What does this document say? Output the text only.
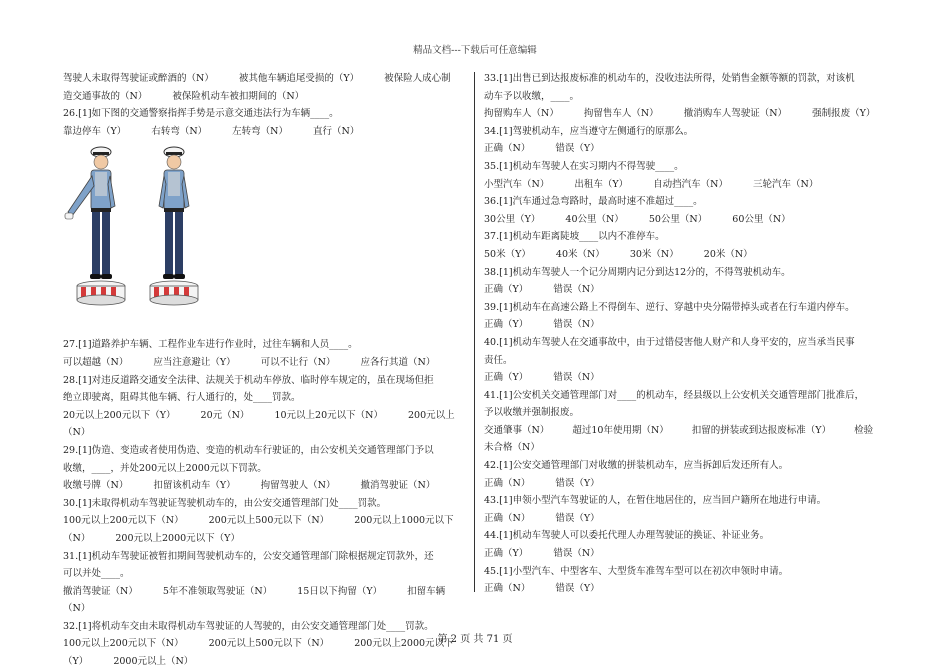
精品文档---下载后可任意编辑
驾驶人未取得驾驶证或醉酒的（N）	被其他车辆追尾受损的（Y）	被保险人成心制
造交通事故的（N）	被保险机动车被扣期间的（N）
26.[1]如下图的交通警察指挥手势是示意交通违法行为车辆____。
靠边停车（Y）	右转弯（N）	左转弯（N）	直行（N）
27.[1]道路养护车辆、工程作业车进行作业时，过往车辆和人员____。
可以超越（N）	应当注意避让（Y）	可以不让行（N）	应各行其道（N）
28.[1]对违反道路交通安全法律、法规关于机动车停放、临时停车规定的，虽在现场但拒
绝立即驶离，阻碍其他车辆、行人通行的，处____罚款。
20元以上200元以下（Y）	20元（N）	10元以上20元以下（N）	200元以上
（N）
29.[1]伪造、变造或者使用伪造、变造的机动车行驶证的，由公安机关交通管理部门予以
收缴，____，并处200元以上2000元以下罚款。
收缴号牌（N）	扣留该机动车（Y）	拘留驾驶人（N）	撤消驾驶证（N）
30.[1]未取得机动车驾驶证驾驶机动车的，由公安交通管理部门处____罚款。
100元以上200元以下（N）	200元以上500元以下（N）	200元以上1000元以下
（N）	200元以上2000元以下（Y）
31.[1]机动车驾驶证被暂扣期间驾驶机动车的，公安交通管理部门除根据规定罚款外，还
可以并处____。
撤消驾驶证（N）	5年不准领取驾驶证（N）	15日以下拘留（Y）	扣留车辆
（N）
32.[1]将机动车交由未取得机动车驾驶证的人驾驶的，由公安交通管理部门处____罚款。
100元以上200元以下（N）	200元以上500元以下（N）	200元以上2000元以下
（Y）	2000元以上（N）
33.[1]出售已到达报废标准的机动车的，没收违法所得，处销售金额等额的罚款，对该机
动车予以收缴，____。
拘留购车人（N）	拘留售车人（N）	撤消购车人驾驶证（N）	强制报废（Y）
34.[1]驾驶机动车，应当遵守左侧通行的原那么。
正确（N）	错误（Y）
35.[1]机动车驾驶人在实习期内不得驾驶____。
小型汽车（N）	出租车（Y）	自动挡汽车（N）	三轮汽车（N）
36.[1]汽车通过急弯路时，最高时速不准超过____。
30公里（Y）	40公里（N）	50公里（N）	60公里（N）
37.[1]机动车距离陡坡____以内不准停车。
50米（Y）	40米（N）	30米（N）	20米（N）
38.[1]机动车驾驶人一个记分周期内记分到达12分的，不得驾驶机动车。
正确（Y）	错误（N）
39.[1]机动车在高速公路上不得倒车、逆行、穿越中央分隔带掉头或者在行车道内停车。
正确（Y）	错误（N）
40.[1]机动车驾驶人在交通事故中，由于过错侵害他人财产和人身平安的，应当承当民事
责任。
正确（Y）	错误（N）
41.[1]公安机关交通管理部门对____的机动车，经县级以上公安机关交通管理部门批准后，
予以收缴并强制报废。
交通肇事（N） 超过10年使用期（N） 扣留的拼装或到达报废标准（Y） 检验
未合格（N）
42.[1]公安交通管理部门对收缴的拼装机动车，应当拆卸后发还所有人。
正确（N）	错误（Y）
43.[1]申领小型汽车驾驶证的人，在暂住地居住的，应当回户籍所在地进行申请。
正确（N）	错误（Y）
44.[1]机动车驾驶人可以委托代理人办理驾驶证的换证、补证业务。
正确（Y）	错误（N）
45.[1]小型汽车、中型客车、大型货车准驾车型可以在初次申领时申请。
正确（N）	错误（Y）
第 2 页 共 71 页
